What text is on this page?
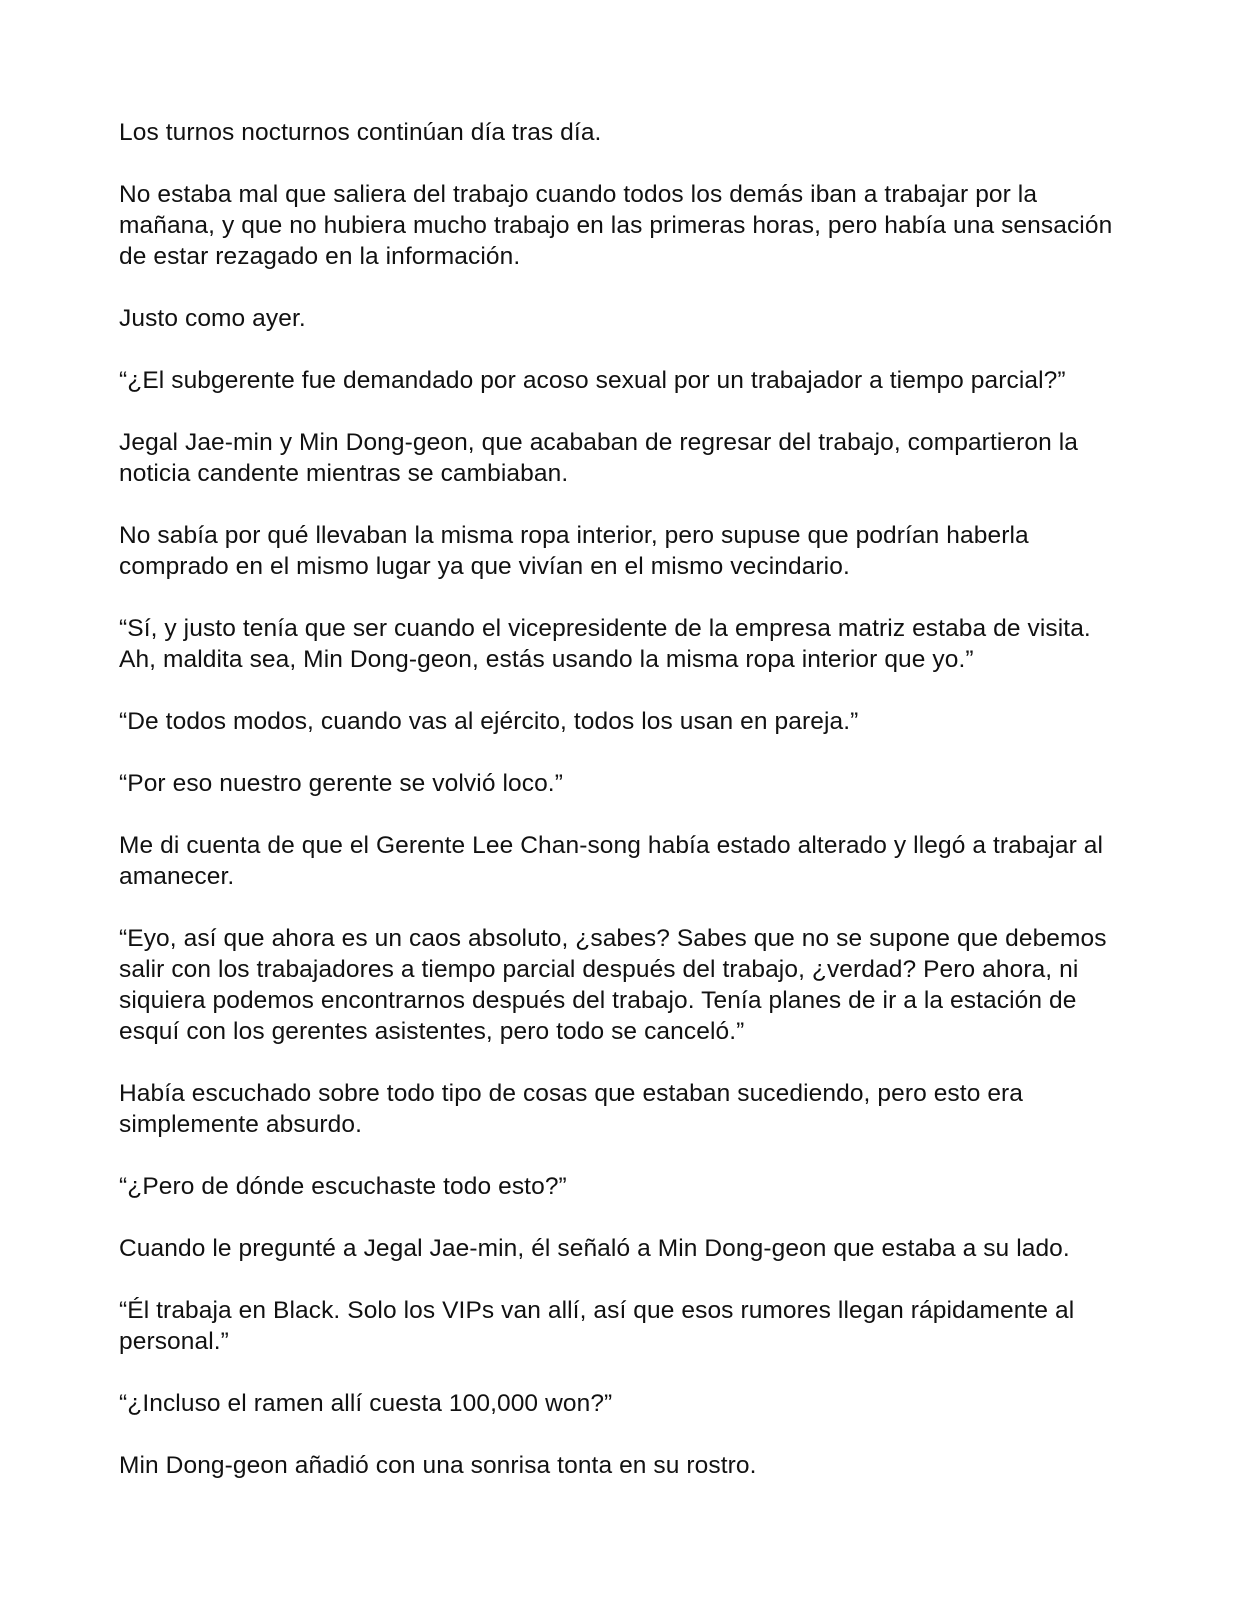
Los turnos nocturnos continúan día tras día.

No estaba mal que saliera del trabajo cuando todos los demás iban a trabajar por la mañana, y que no hubiera mucho trabajo en las primeras horas, pero había una sensación de estar rezagado en la información.

Justo como ayer.

“¿El subgerente fue demandado por acoso sexual por un trabajador a tiempo parcial?”

Jegal Jae-min y Min Dong-geon, que acababan de regresar del trabajo, compartieron la noticia candente mientras se cambiaban.

No sabía por qué llevaban la misma ropa interior, pero supuse que podrían haberla comprado en el mismo lugar ya que vivían en el mismo vecindario.

“Sí, y justo tenía que ser cuando el vicepresidente de la empresa matriz estaba de visita. Ah, maldita sea, Min Dong-geon, estás usando la misma ropa interior que yo.”

“De todos modos, cuando vas al ejército, todos los usan en pareja.”

“Por eso nuestro gerente se volvió loco.”

Me di cuenta de que el Gerente Lee Chan-song había estado alterado y llegó a trabajar al amanecer.

“Eyo, así que ahora es un caos absoluto, ¿sabes? Sabes que no se supone que debemos salir con los trabajadores a tiempo parcial después del trabajo, ¿verdad? Pero ahora, ni siquiera podemos encontrarnos después del trabajo. Tenía planes de ir a la estación de esquí con los gerentes asistentes, pero todo se canceló.”

Había escuchado sobre todo tipo de cosas que estaban sucediendo, pero esto era simplemente absurdo.

“¿Pero de dónde escuchaste todo esto?”

Cuando le pregunté a Jegal Jae-min, él señaló a Min Dong-geon que estaba a su lado.

“Él trabaja en Black. Solo los VIPs van allí, así que esos rumores llegan rápidamente al personal.”

“¿Incluso el ramen allí cuesta 100,000 won?”

Min Dong-geon añadió con una sonrisa tonta en su rostro.
